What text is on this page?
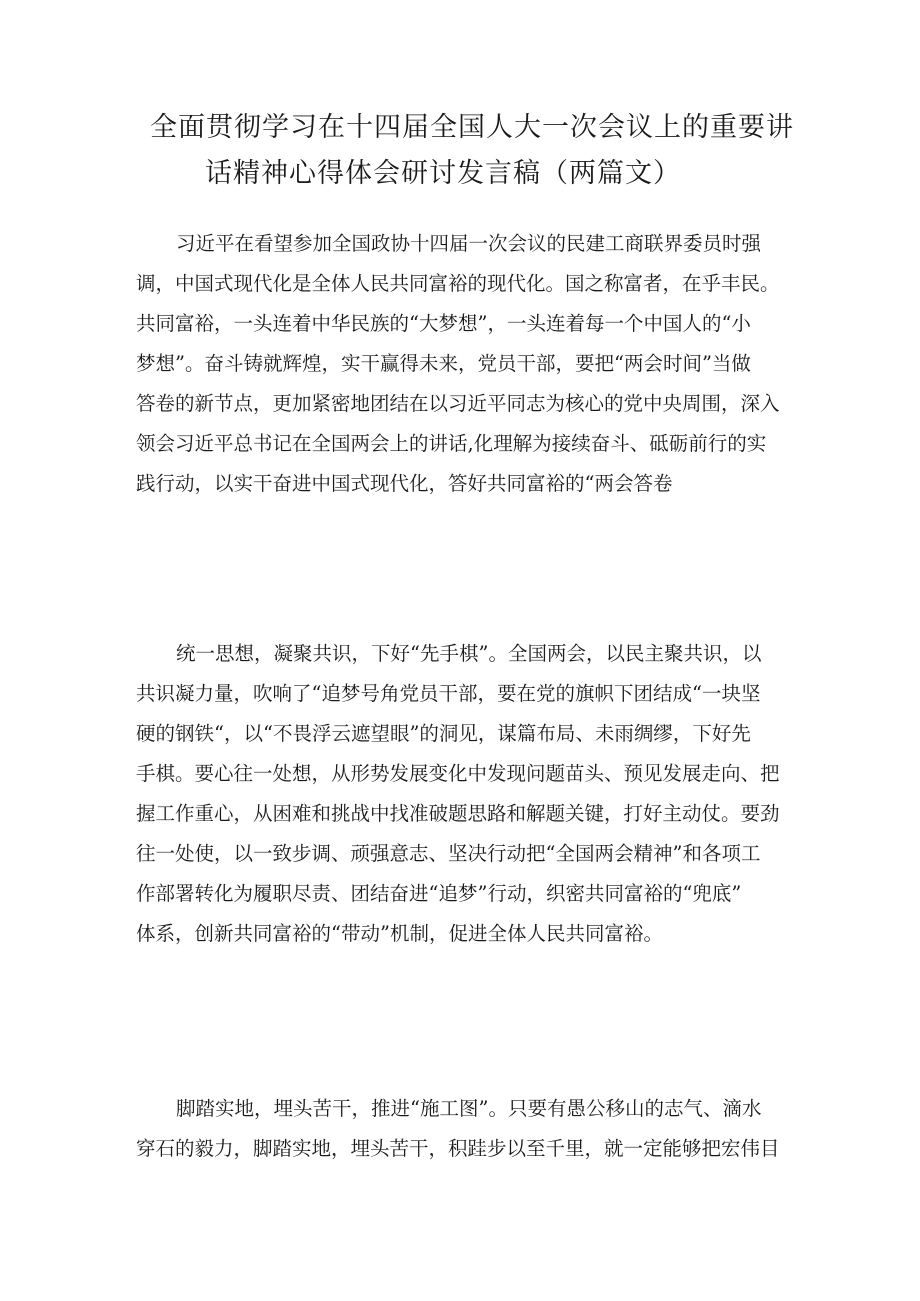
全面贯彻学习在十四届全国人大一次会议上的重要讲
话精神心得体会研讨发言稿（两篇文）
习近平在看望参加全国政协十四届一次会议的民建工商联界委员时强
调，中国式现代化是全体人民共同富裕的现代化。国之称富者，在乎丰民。
共同富裕，一头连着中华民族的“大梦想”，一头连着每一个中国人的“小
梦想”。奋斗铸就辉煌，实干赢得未来，党员干部，要把“两会时间”当做
答卷的新节点，更加紧密地团结在以习近平同志为核心的党中央周围，深入
领会习近平总书记在全国两会上的讲话,化理解为接续奋斗、砥砺前行的实
践行动，以实干奋进中国式现代化，答好共同富裕的“两会答卷
统一思想，凝聚共识，下好“先手棋”。全国两会，以民主聚共识，以
共识凝力量，吹响了“追梦号角党员干部，要在党的旗帜下团结成“一块坚
硬的钢铁“，以“不畏浮云遮望眼”的洞见，谋篇布局、未雨绸缪，下好先
手棋。要心往一处想，从形势发展变化中发现问题苗头、预见发展走向、把
握工作重心，从困难和挑战中找准破题思路和解题关键，打好主动仗。要劲
往一处使，以一致步调、顽强意志、坚决行动把“全国两会精神”和各项工
作部署转化为履职尽责、团结奋进“追梦”行动，织密共同富裕的“兜底”
体系，创新共同富裕的“带动”机制，促进全体人民共同富裕。
脚踏实地，埋头苦干，推进“施工图”。只要有愚公移山的志气、滴水
穿石的毅力，脚踏实地，埋头苦干，积跬步以至千里，就一定能够把宏伟目
